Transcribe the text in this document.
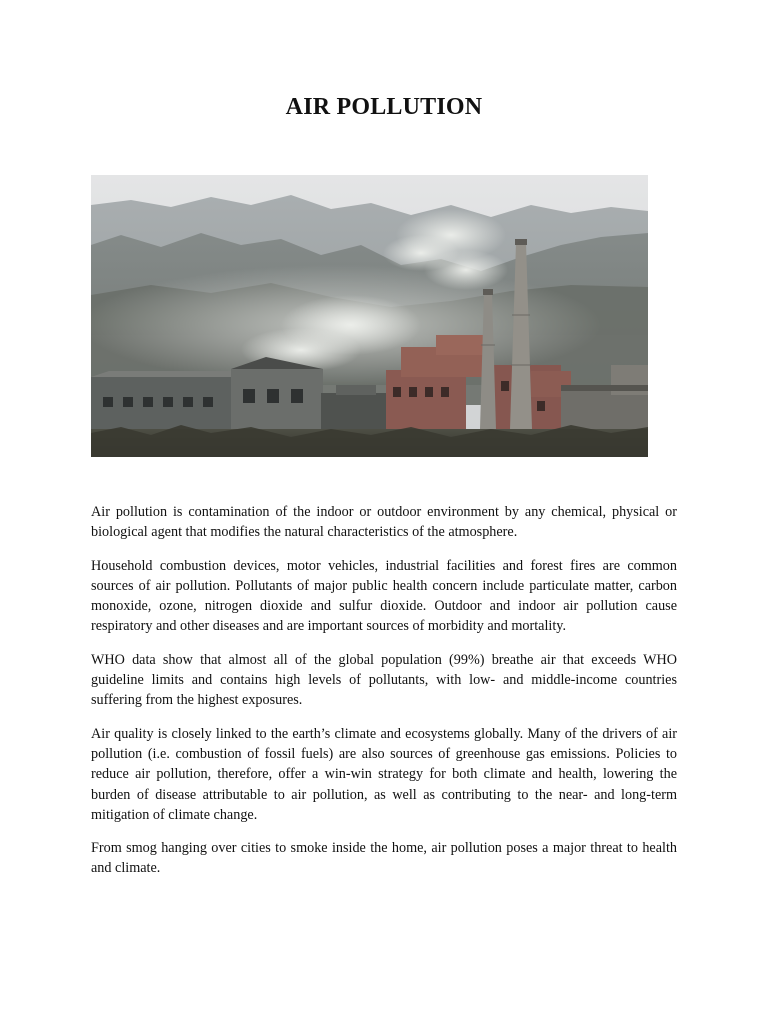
AIR POLLUTION

Air pollution is contamination of the indoor or outdoor environment by any chemical, physical or biological agent that modifies the natural characteristics of the atmosphere.

Household combustion devices, motor vehicles, industrial facilities and forest fires are common sources of air pollution. Pollutants of major public health concern include particulate matter, carbon monoxide, ozone, nitrogen dioxide and sulfur dioxide. Outdoor and indoor air pollution cause respiratory and other diseases and are important sources of morbidity and mortality.

WHO data show that almost all of the global population (99%) breathe air that exceeds WHO guideline limits and contains high levels of pollutants, with low- and middle-income countries suffering from the highest exposures.

Air quality is closely linked to the earth’s climate and ecosystems globally. Many of the drivers of air pollution (i.e. combustion of fossil fuels) are also sources of greenhouse gas emissions. Policies to reduce air pollution, therefore, offer a win-win strategy for both climate and health, lowering the burden of disease attributable to air pollution, as well as contributing to the near- and long-term mitigation of climate change.

From smog hanging over cities to smoke inside the home, air pollution poses a major threat to health and climate.
